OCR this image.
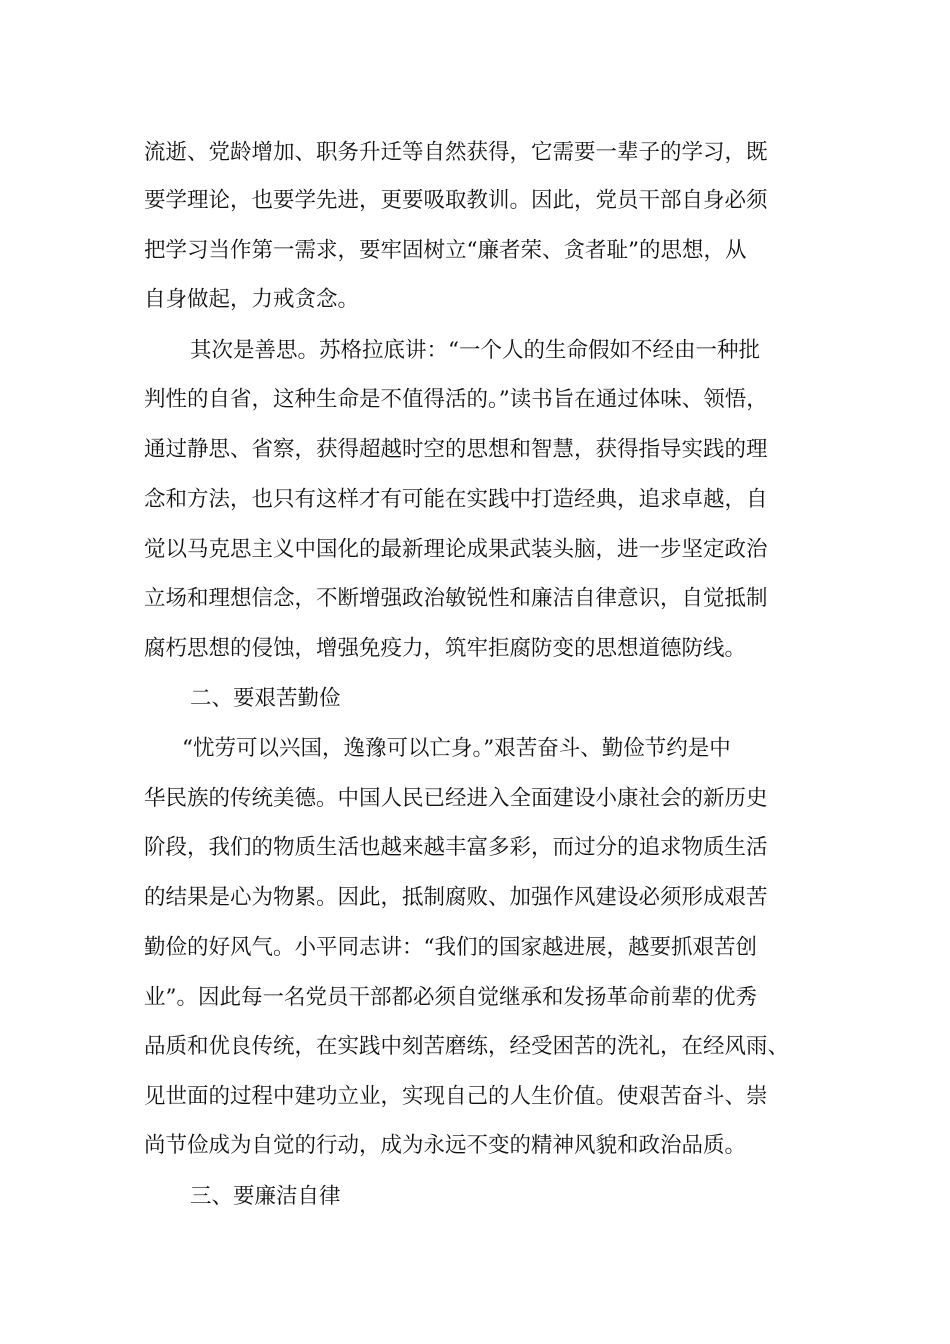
流逝、党龄增加、职务升迁等自然获得，它需要一辈子的学习，既
要学理论，也要学先进，更要吸取教训。因此，党员干部自身必须
把学习当作第一需求，要牢固树立“廉者荣、贪者耻”的思想，从
自身做起，力戒贪念。
其次是善思。苏格拉底讲：“一个人的生命假如不经由一种批
判性的自省，这种生命是不值得活的。”读书旨在通过体味、领悟，
通过静思、省察，获得超越时空的思想和智慧，获得指导实践的理
念和方法，也只有这样才有可能在实践中打造经典，追求卓越，自
觉以马克思主义中国化的最新理论成果武装头脑，进一步坚定政治
立场和理想信念，不断增强政治敏锐性和廉洁自律意识，自觉抵制
腐朽思想的侵蚀，增强免疫力，筑牢拒腐防变的思想道德防线。
二、要艰苦勤俭
“忧劳可以兴国，逸豫可以亡身。”艰苦奋斗、勤俭节约是中
华民族的传统美德。中国人民已经进入全面建设小康社会的新历史
阶段，我们的物质生活也越来越丰富多彩，而过分的追求物质生活
的结果是心为物累。因此，抵制腐败、加强作风建设必须形成艰苦
勤俭的好风气。小平同志讲：“我们的国家越进展，越要抓艰苦创
业”。因此每一名党员干部都必须自觉继承和发扬革命前辈的优秀
品质和优良传统，在实践中刻苦磨练，经受困苦的洗礼，在经风雨、
见世面的过程中建功立业，实现自己的人生价值。使艰苦奋斗、崇
尚节俭成为自觉的行动，成为永远不变的精神风貌和政治品质。
三、要廉洁自律
